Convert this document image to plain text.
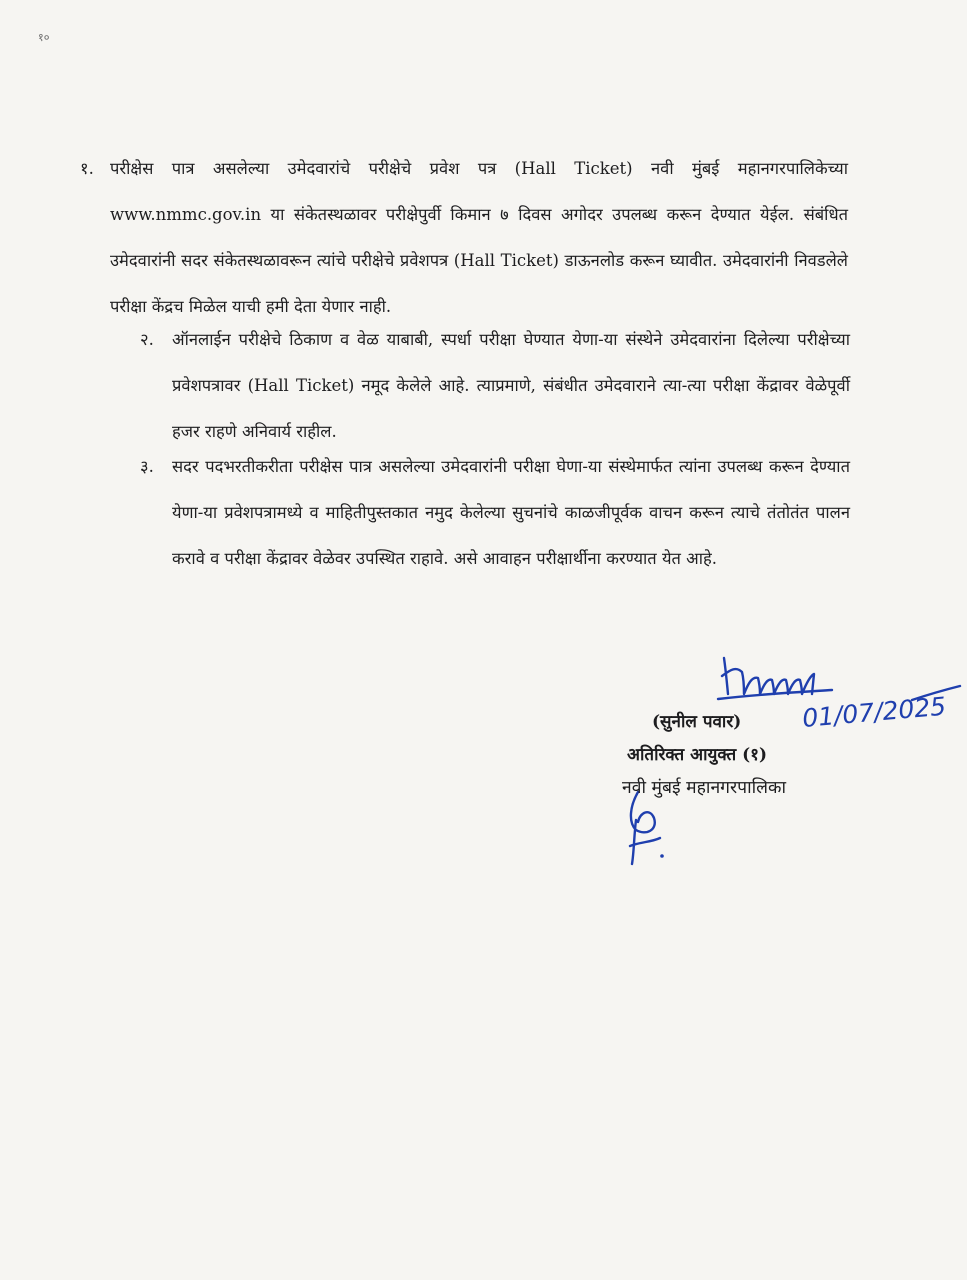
१०
१. परीक्षेस पात्र असलेल्या उमेदवारांचे परीक्षेचे प्रवेश पत्र (Hall Ticket) नवी मुंबई महानगरपालिकेच्या www.nmmc.gov.in या संकेतस्थळावर परीक्षेपुर्वी किमान ७ दिवस अगोदर उपलब्ध करून देण्यात येईल. संबंधित उमेदवारांनी सदर संकेतस्थळावरून त्यांचे परीक्षेचे प्रवेशपत्र (Hall Ticket) डाऊनलोड करून घ्यावीत. उमेदवारांनी निवडलेले परीक्षा केंद्रच मिळेल याची हमी देता येणार नाही.
२. ऑनलाईन परीक्षेचे ठिकाण व वेळ याबाबी, स्पर्धा परीक्षा घेण्यात येणा-या संस्थेने उमेदवारांना दिलेल्या परीक्षेच्या प्रवेशपत्रावर (Hall Ticket) नमूद केलेले आहे. त्याप्रमाणे, संबंधीत उमेदवाराने त्या-त्या परीक्षा केंद्रावर वेळेपूर्वी हजर राहणे अनिवार्य राहील.
३. सदर पदभरतीकरीता परीक्षेस पात्र असलेल्या उमेदवारांनी परीक्षा घेणा-या संस्थेमार्फत त्यांना उपलब्ध करून देण्यात येणा-या प्रवेशपत्रामध्ये व माहितीपुस्तकात नमुद केलेल्या सुचनांचे काळजीपूर्वक वाचन करून त्याचे तंतोतंत पालन करावे व परीक्षा केंद्रावर वेळेवर उपस्थित राहावे. असे आवाहन परीक्षार्थीना करण्यात येत आहे.
01/07/2025
(सुनील पवार)
अतिरिक्त आयुक्त (१)
नवी मुंबई महानगरपालिका
